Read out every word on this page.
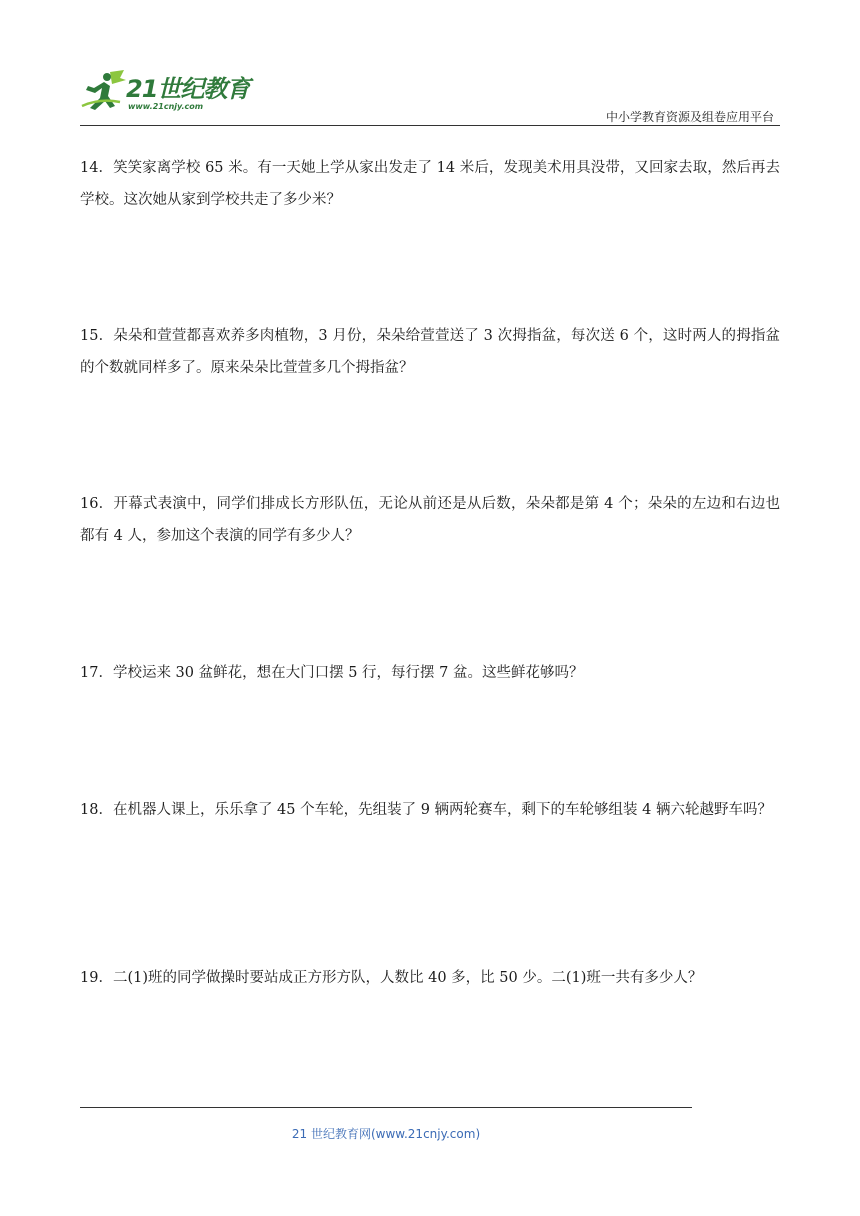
21世纪教育
www.21cnjy.com
中小学教育资源及组卷应用平台

14．笑笑家离学校 65 米。有一天她上学从家出发走了 14 米后，发现美术用具没带，又回家去取，然后再去学校。这次她从家到学校共走了多少米？

15．朵朵和萱萱都喜欢养多肉植物，3 月份，朵朵给萱萱送了 3 次拇指盆，每次送 6 个，这时两人的拇指盆的个数就同样多了。原来朵朵比萱萱多几个拇指盆？

16．开幕式表演中，同学们排成长方形队伍，无论从前还是从后数，朵朵都是第 4 个；朵朵的左边和右边也都有 4 人，参加这个表演的同学有多少人？

17．学校运来 30 盆鲜花，想在大门口摆 5 行，每行摆 7 盆。这些鲜花够吗？

18．在机器人课上，乐乐拿了 45 个车轮，先组装了 9 辆两轮赛车，剩下的车轮够组装 4 辆六轮越野车吗？

19．二(1)班的同学做操时要站成正方形方队，人数比 40 多，比 50 少。二(1)班一共有多少人？

21 世纪教育网(www.21cnjy.com)
